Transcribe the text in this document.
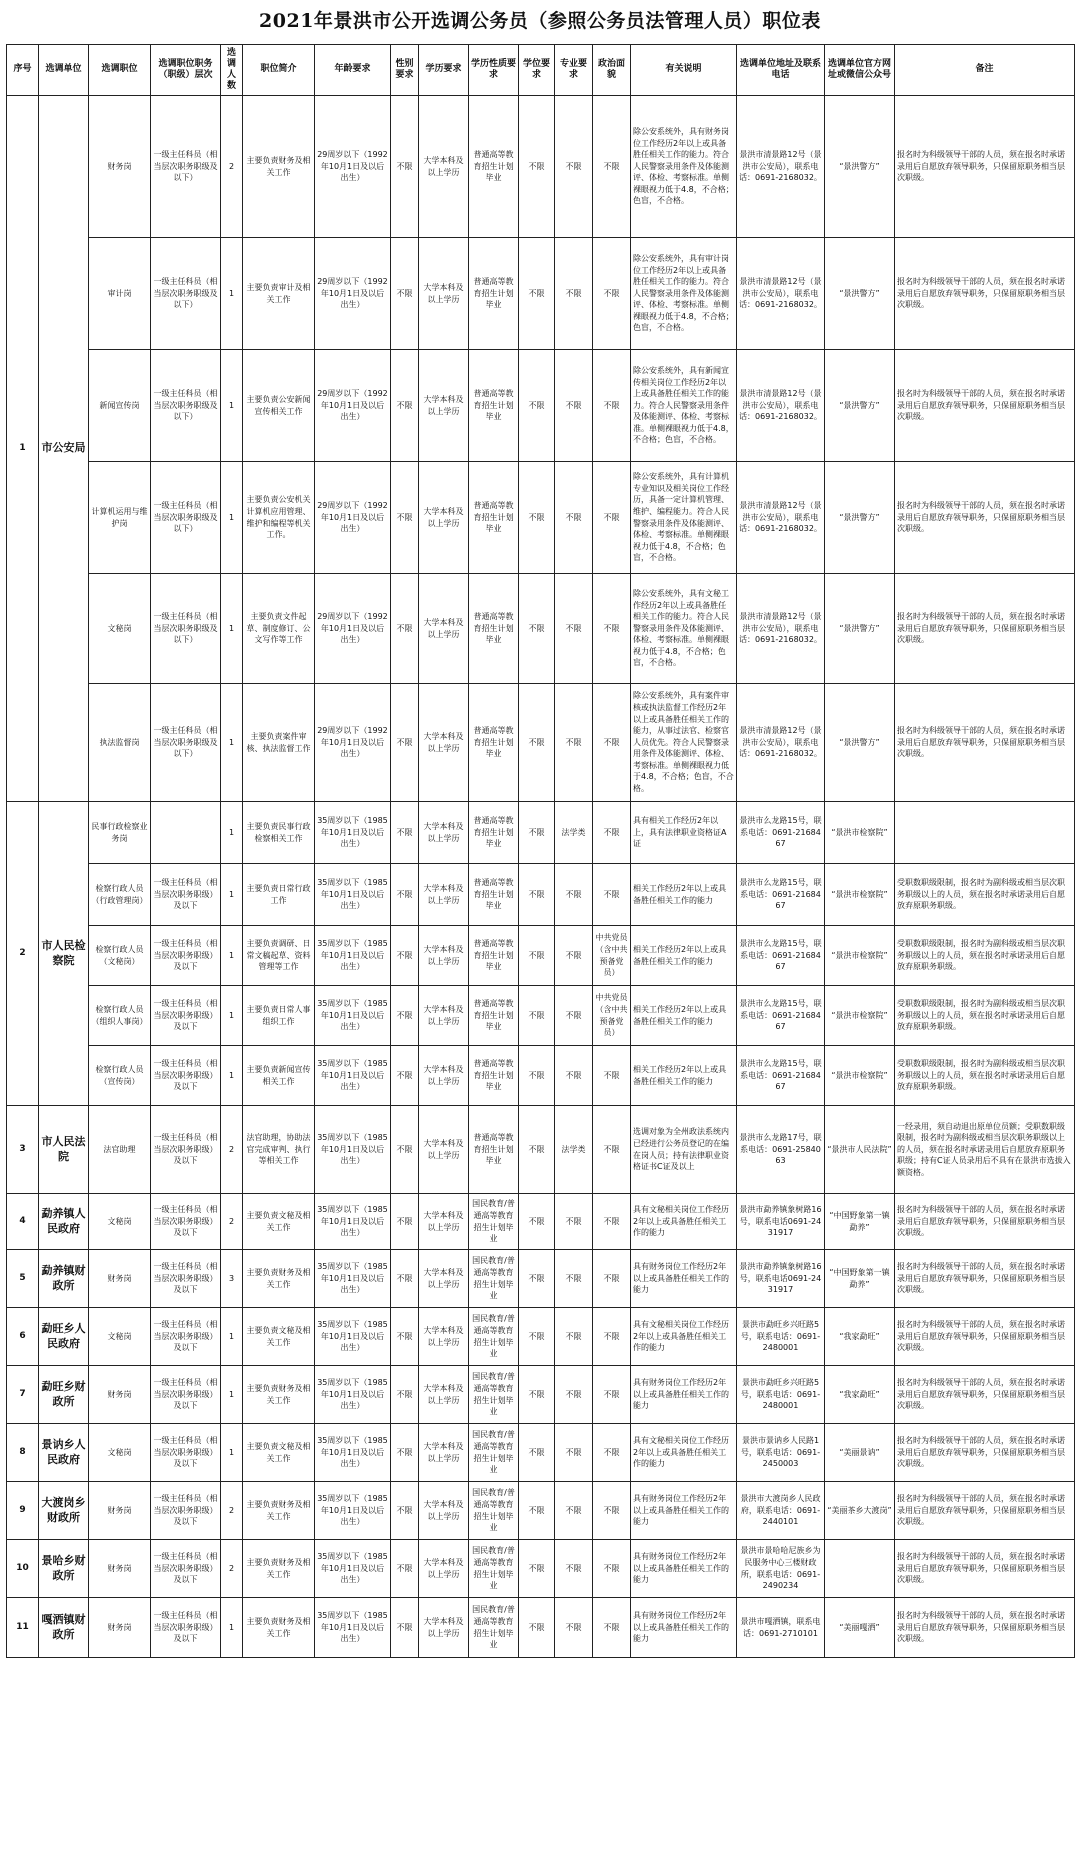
2021年景洪市公开选调公务员（参照公务员法管理人员）职位表
序号	选调单位	选调职位	选调职位职务（职级）层次	选调人数	职位简介	年龄要求	性别要求	学历要求	学历性质要求	学位要求	专业要求	政治面貌	有关说明	选调单位地址及联系电话	选调单位官方网址或微信公众号	备注
1	市公安局	财务岗	一级主任科员（相当层次职务职级及以下）	2	主要负责财务及相关工作	29周岁以下（1992年10月1日及以后出生）	不限	大学本科及以上学历	普通高等教育招生计划毕业	不限	不限	不限	除公安系统外，具有财务岗位工作经历2年以上或具备胜任相关工作的能力。符合人民警察录用条件及体能测评、体检、考察标准。单侧裸眼视力低于4.8，不合格；色盲，不合格。	景洪市清景路12号（景洪市公安局），联系电话：0691-2168032。	“景洪警方”	报名时为科级领导干部的人员，须在报名时承诺录用后自愿放弃领导职务，只保留原职务相当层次职级。
		审计岗	一级主任科员（相当层次职务职级及以下）	1	主要负责审计及相关工作	29周岁以下（1992年10月1日及以后出生）	不限	大学本科及以上学历	普通高等教育招生计划毕业	不限	不限	不限	除公安系统外，具有审计岗位工作经历2年以上或具备胜任相关工作的能力。符合人民警察录用条件及体能测评、体检、考察标准。单侧裸眼视力低于4.8，不合格；色盲，不合格。	景洪市清景路12号（景洪市公安局），联系电话：0691-2168032。	“景洪警方”	报名时为科级领导干部的人员，须在报名时承诺录用后自愿放弃领导职务，只保留原职务相当层次职级。
		新闻宣传岗	一级主任科员（相当层次职务职级及以下）	1	主要负责公安新闻宣传相关工作	29周岁以下（1992年10月1日及以后出生）	不限	大学本科及以上学历	普通高等教育招生计划毕业	不限	不限	不限	除公安系统外，具有新闻宣传相关岗位工作经历2年以上或具备胜任相关工作的能力。符合人民警察录用条件及体能测评、体检、考察标准。单侧裸眼视力低于4.8，不合格；色盲，不合格。	景洪市清景路12号（景洪市公安局），联系电话：0691-2168032。	“景洪警方”	报名时为科级领导干部的人员，须在报名时承诺录用后自愿放弃领导职务，只保留原职务相当层次职级。
		计算机运用与维护岗	一级主任科员（相当层次职务职级及以下）	1	主要负责公安机关计算机应用管理、维护和编程等机关工作。	29周岁以下（1992年10月1日及以后出生）	不限	大学本科及以上学历	普通高等教育招生计划毕业	不限	不限	不限	除公安系统外，具有计算机专业知识及相关岗位工作经历，具备一定计算机管理、维护、编程能力。符合人民警察录用条件及体能测评、体检、考察标准。单侧裸眼视力低于4.8，不合格；色盲，不合格。	景洪市清景路12号（景洪市公安局），联系电话：0691-2168032。	“景洪警方”	报名时为科级领导干部的人员，须在报名时承诺录用后自愿放弃领导职务，只保留原职务相当层次职级。
		文秘岗	一级主任科员（相当层次职务职级及以下）	1	主要负责文件起草、制度修订、公文写作等工作	29周岁以下（1992年10月1日及以后出生）	不限	大学本科及以上学历	普通高等教育招生计划毕业	不限	不限	不限	除公安系统外，具有文秘工作经历2年以上或具备胜任相关工作的能力。符合人民警察录用条件及体能测评、体检、考察标准。单侧裸眼视力低于4.8，不合格；色盲，不合格。	景洪市清景路12号（景洪市公安局），联系电话：0691-2168032。	“景洪警方”	报名时为科级领导干部的人员，须在报名时承诺录用后自愿放弃领导职务，只保留原职务相当层次职级。
		执法监督岗	一级主任科员（相当层次职务职级及以下）	1	主要负责案件审核、执法监督工作	29周岁以下（1992年10月1日及以后出生）	不限	大学本科及以上学历	普通高等教育招生计划毕业	不限	不限	不限	除公安系统外，具有案件审核或执法监督工作经历2年以上或具备胜任相关工作的能力，从事过法官、检察官人员优先。符合人民警察录用条件及体能测评、体检、考察标准。单侧裸眼视力低于4.8，不合格；色盲，不合格。	景洪市清景路12号（景洪市公安局），联系电话：0691-2168032。	“景洪警方”	报名时为科级领导干部的人员，须在报名时承诺录用后自愿放弃领导职务，只保留原职务相当层次职级。
2	市人民检察院	民事行政检察业务岗		1	主要负责民事行政检察相关工作	35周岁以下（1985年10月1日及以后出生）	不限	大学本科及以上学历	普通高等教育招生计划毕业	不限	法学类	不限	具有相关工作经历2年以上，具有法律职业资格证A证	景洪市么龙路15号，联系电话：0691-2168467	“景洪市检察院”	
		检察行政人员（行政管理岗）	一级主任科员（相当层次职务职级）及以下	1	主要负责日常行政工作	35周岁以下（1985年10月1日及以后出生）	不限	大学本科及以上学历	普通高等教育招生计划毕业	不限	不限	不限	相关工作经历2年以上或具备胜任相关工作的能力	景洪市么龙路15号，联系电话：0691-2168467	“景洪市检察院”	受职数职级限制，报名时为副科级或相当层次职务职级以上的人员，须在报名时承诺录用后自愿放弃原职务职级。
		检察行政人员（文秘岗）	一级主任科员（相当层次职务职级）及以下	1	主要负责调研、日常文稿起草、资料管理等工作	35周岁以下（1985年10月1日及以后出生）	不限	大学本科及以上学历	普通高等教育招生计划毕业	不限	不限	中共党员（含中共预备党员）	相关工作经历2年以上或具备胜任相关工作的能力	景洪市么龙路15号，联系电话：0691-2168467	“景洪市检察院”	受职数职级限制，报名时为副科级或相当层次职务职级以上的人员，须在报名时承诺录用后自愿放弃原职务职级。
		检察行政人员（组织人事岗）	一级主任科员（相当层次职务职级）及以下	1	主要负责日常人事组织工作	35周岁以下（1985年10月1日及以后出生）	不限	大学本科及以上学历	普通高等教育招生计划毕业	不限	不限	中共党员（含中共预备党员）	相关工作经历2年以上或具备胜任相关工作的能力	景洪市么龙路15号，联系电话：0691-2168467	“景洪市检察院”	受职数职级限制，报名时为副科级或相当层次职务职级以上的人员，须在报名时承诺录用后自愿放弃原职务职级。
		检察行政人员（宣传岗）	一级主任科员（相当层次职务职级）及以下	1	主要负责新闻宣传相关工作	35周岁以下（1985年10月1日及以后出生）	不限	大学本科及以上学历	普通高等教育招生计划毕业	不限	不限	不限	相关工作经历2年以上或具备胜任相关工作的能力	景洪市么龙路15号，联系电话：0691-2168467	“景洪市检察院”	受职数职级限制，报名时为副科级或相当层次职务职级以上的人员，须在报名时承诺录用后自愿放弃原职务职级。
3	市人民法院	法官助理	一级主任科员（相当层次职务职级）及以下	2	法官助理，协助法官完成审判、执行等相关工作	35周岁以下（1985年10月1日及以后出生）	不限	大学本科及以上学历	普通高等教育招生计划毕业	不限	法学类	不限	选调对象为全州政法系统内已经进行公务员登记的在编在岗人员；持有法律职业资格证书C证及以上	景洪市么龙路17号，联系电话：0691-2584063	“景洪市人民法院”	一经录用，须自动退出原单位员额；受职数职级限制，报名时为副科级或相当层次职务职级以上的人员，须在报名时承诺录用后自愿放弃原职务职级；持有C证人员录用后不具有在景洪市选拔入额资格。
4	勐养镇人民政府	文秘岗	一级主任科员（相当层次职务职级）及以下	2	主要负责文秘及相关工作	35周岁以下（1985年10月1日及以后出生）	不限	大学本科及以上学历	国民教育/普通高等教育招生计划毕业	不限	不限	不限	具有文秘相关岗位工作经历2年以上或具备胜任相关工作的能力	景洪市勐养镇象树路16号，联系电话0691-2431917	“中国野象第一镇勐养”	报名时为科级领导干部的人员，须在报名时承诺录用后自愿放弃领导职务，只保留原职务相当层次职级。
5	勐养镇财政所	财务岗	一级主任科员（相当层次职务职级）及以下	3	主要负责财务及相关工作	35周岁以下（1985年10月1日及以后出生）	不限	大学本科及以上学历	国民教育/普通高等教育招生计划毕业	不限	不限	不限	具有财务岗位工作经历2年以上或具备胜任相关工作的能力	景洪市勐养镇象树路16号，联系电话0691-2431917	“中国野象第一镇勐养”	报名时为科级领导干部的人员，须在报名时承诺录用后自愿放弃领导职务，只保留原职务相当层次职级。
6	勐旺乡人民政府	文秘岗	一级主任科员（相当层次职务职级）及以下	1	主要负责文秘及相关工作	35周岁以下（1985年10月1日及以后出生）	不限	大学本科及以上学历	国民教育/普通高等教育招生计划毕业	不限	不限	不限	具有文秘相关岗位工作经历2年以上或具备胜任相关工作的能力	景洪市勐旺乡兴旺路5号，联系电话：0691-2480001	“我家勐旺”	报名时为科级领导干部的人员，须在报名时承诺录用后自愿放弃领导职务，只保留原职务相当层次职级。
7	勐旺乡财政所	财务岗	一级主任科员（相当层次职务职级）及以下	1	主要负责财务及相关工作	35周岁以下（1985年10月1日及以后出生）	不限	大学本科及以上学历	国民教育/普通高等教育招生计划毕业	不限	不限	不限	具有财务岗位工作经历2年以上或具备胜任相关工作的能力	景洪市勐旺乡兴旺路5号，联系电话：0691-2480001	“我家勐旺”	报名时为科级领导干部的人员，须在报名时承诺录用后自愿放弃领导职务，只保留原职务相当层次职级。
8	景讷乡人民政府	文秘岗	一级主任科员（相当层次职务职级）及以下	1	主要负责文秘及相关工作	35周岁以下（1985年10月1日及以后出生）	不限	大学本科及以上学历	国民教育/普通高等教育招生计划毕业	不限	不限	不限	具有文秘相关岗位工作经历2年以上或具备胜任相关工作的能力	景洪市景讷乡人民路1号，联系电话：0691-2450003	“美丽景讷”	报名时为科级领导干部的人员，须在报名时承诺录用后自愿放弃领导职务，只保留原职务相当层次职级。
9	大渡岗乡财政所	财务岗	一级主任科员（相当层次职务职级）及以下	2	主要负责财务及相关工作	35周岁以下（1985年10月1日及以后出生）	不限	大学本科及以上学历	国民教育/普通高等教育招生计划毕业	不限	不限	不限	具有财务岗位工作经历2年以上或具备胜任相关工作的能力	景洪市大渡岗乡人民政府，联系电话：0691-2440101	“美丽茶乡大渡岗”	报名时为科级领导干部的人员，须在报名时承诺录用后自愿放弃领导职务，只保留原职务相当层次职级。
10	景哈乡财政所	财务岗	一级主任科员（相当层次职务职级）及以下	2	主要负责财务及相关工作	35周岁以下（1985年10月1日及以后出生）	不限	大学本科及以上学历	国民教育/普通高等教育招生计划毕业	不限	不限	不限	具有财务岗位工作经历2年以上或具备胜任相关工作的能力	景洪市景哈哈尼族乡为民服务中心三楼财政所，联系电话：0691-2490234		报名时为科级领导干部的人员，须在报名时承诺录用后自愿放弃领导职务，只保留原职务相当层次职级。
11	嘎洒镇财政所	财务岗	一级主任科员（相当层次职务职级）及以下	1	主要负责财务及相关工作	35周岁以下（1985年10月1日及以后出生）	不限	大学本科及以上学历	国民教育/普通高等教育招生计划毕业	不限	不限	不限	具有财务岗位工作经历2年以上或具备胜任相关工作的能力	景洪市嘎洒镇，联系电话：0691-2710101	“美丽嘎洒”	报名时为科级领导干部的人员，须在报名时承诺录用后自愿放弃领导职务，只保留原职务相当层次职级。
